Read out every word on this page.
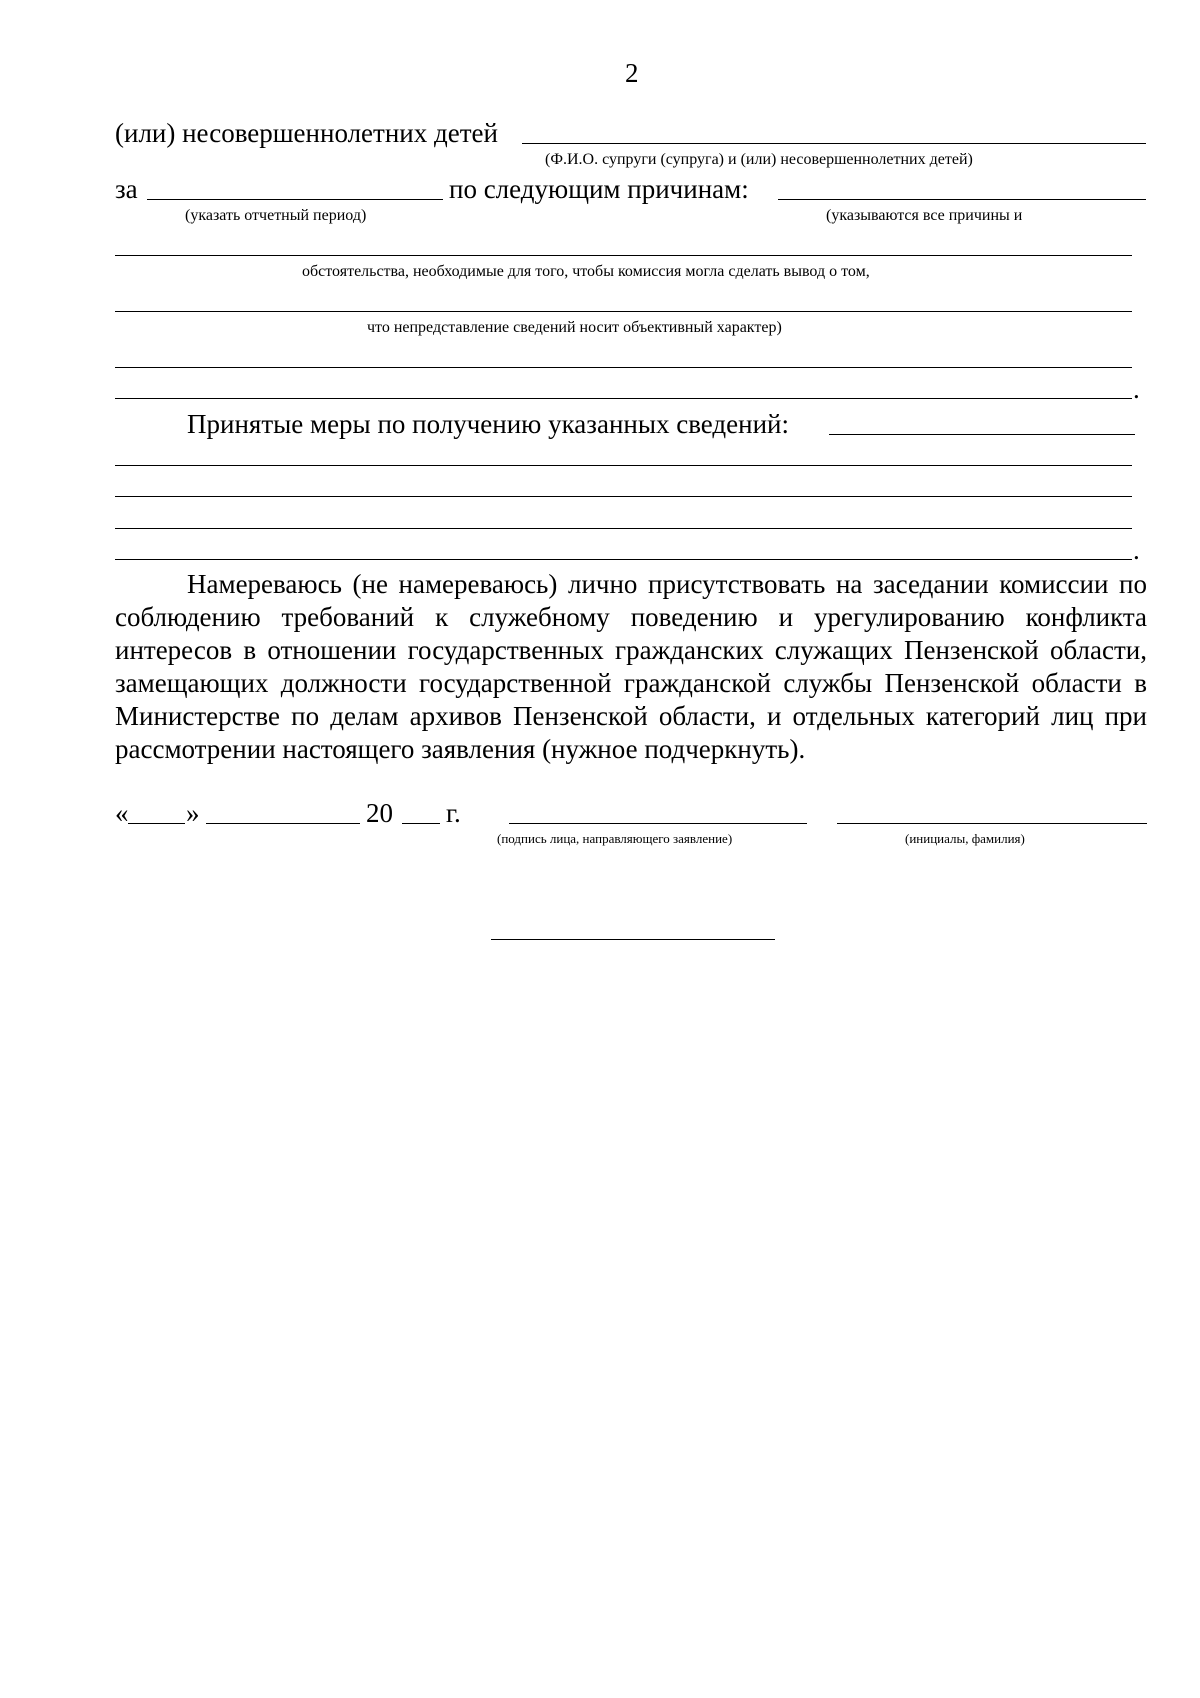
2
(или) несовершеннолетних детей
(Ф.И.О. супруги (супруга) и (или) несовершеннолетних детей)
за	по следующим причинам:
(указать отчетный период)	(указываются все причины и
обстоятельства, необходимые для того, чтобы комиссия могла сделать вывод о том,
что непредставление сведений носит объективный характер)
.
Принятые меры по получению указанных сведений:
.
Намереваюсь (не намереваюсь) лично присутствовать на заседании комиссии по соблюдению требований к служебному поведению и урегулированию конфликта интересов в отношении государственных гражданских служащих Пензенской области, замещающих должности государственной гражданской службы Пензенской области в Министерстве по делам архивов Пензенской области, и отдельных категорий лиц при рассмотрении настоящего заявления (нужное подчеркнуть).
« »	20 г.
(подпись лица, направляющего заявление)	(инициалы, фамилия)
